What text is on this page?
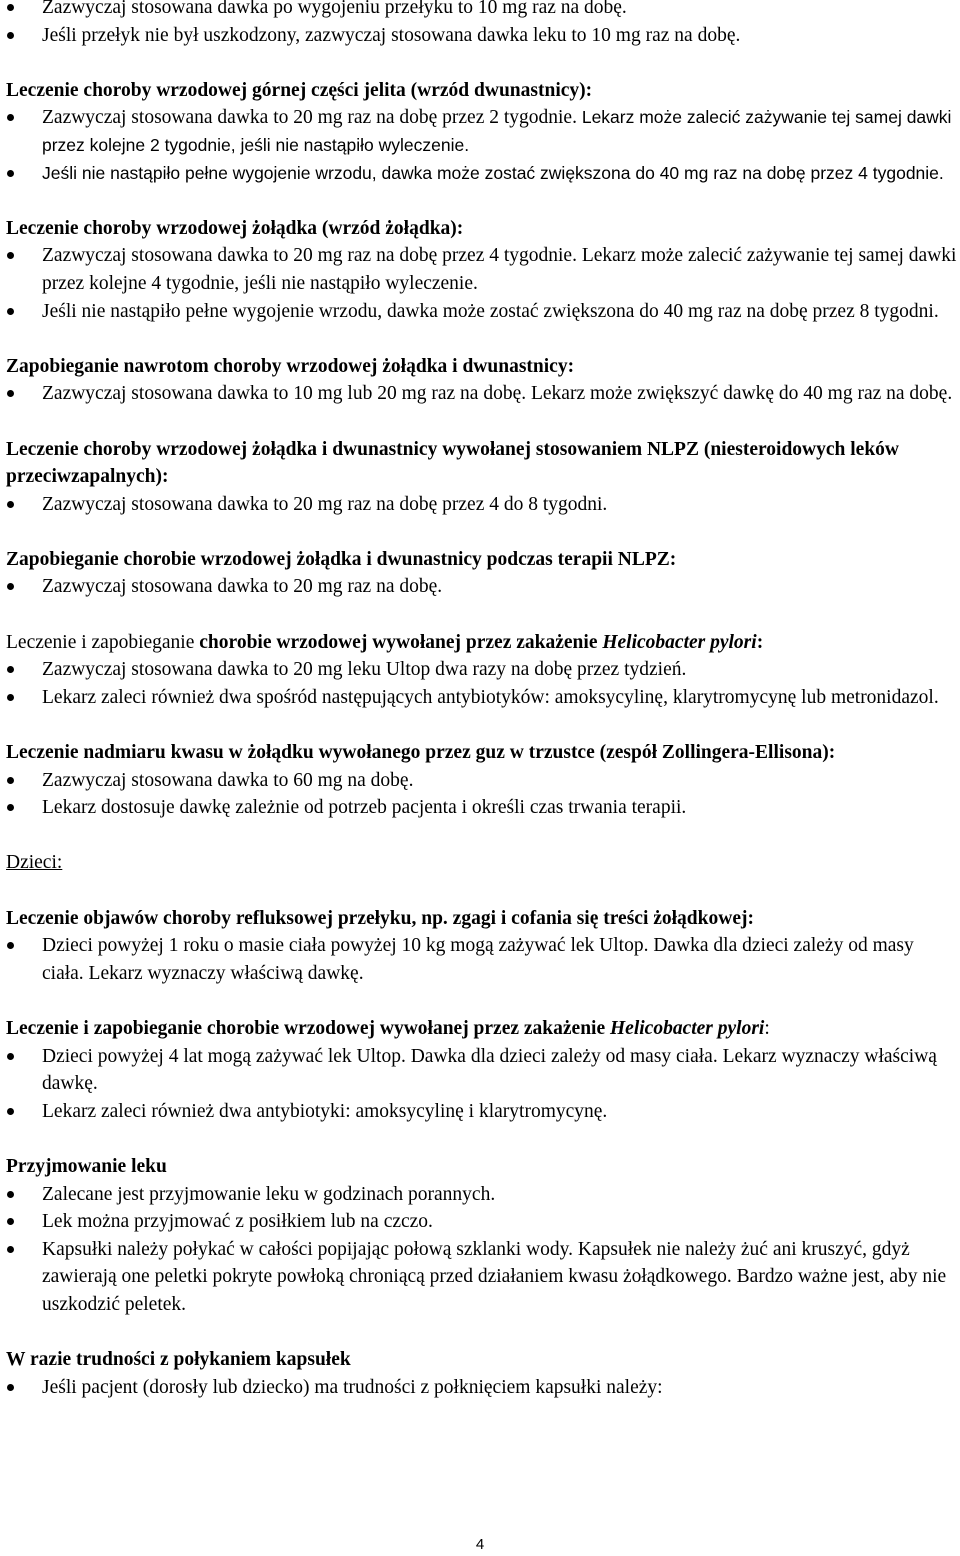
Zazwyczaj stosowana dawka po wygojeniu przełyku to 10 mg raz na dobę.
Jeśli przełyk nie był uszkodzony, zazwyczaj stosowana dawka leku to 10 mg raz na dobę.
Leczenie choroby wrzodowej górnej części jelita (wrzód dwunastnicy):
Zazwyczaj stosowana dawka to 20 mg raz na dobę przez 2 tygodnie. Lekarz może zalecić zażywanie tej samej dawki przez kolejne 2 tygodnie, jeśli nie nastąpiło wyleczenie.
Jeśli nie nastąpiło pełne wygojenie wrzodu, dawka może zostać zwiększona do 40 mg raz na dobę przez 4 tygodnie.
Leczenie choroby wrzodowej żołądka (wrzód żołądka):
Zazwyczaj stosowana dawka to 20 mg raz na dobę przez 4 tygodnie. Lekarz może zalecić zażywanie tej samej dawki przez kolejne 4 tygodnie, jeśli nie nastąpiło wyleczenie.
Jeśli nie nastąpiło pełne wygojenie wrzodu, dawka może zostać zwiększona do 40 mg raz na dobę przez 8 tygodni.
Zapobieganie nawrotom choroby wrzodowej żołądka i dwunastnicy:
Zazwyczaj stosowana dawka to 10 mg lub 20 mg raz na dobę. Lekarz może zwiększyć dawkę do 40 mg raz na dobę.
Leczenie choroby wrzodowej żołądka i dwunastnicy wywołanej stosowaniem NLPZ (niesteroidowych leków przeciwzapalnych):
Zazwyczaj stosowana dawka to 20 mg raz na dobę przez 4 do 8 tygodni.
Zapobieganie chorobie wrzodowej żołądka i dwunastnicy podczas terapii NLPZ:
Zazwyczaj stosowana dawka to 20 mg raz na dobę.
Leczenie i zapobieganie chorobie wrzodowej wywołanej przez zakażenie Helicobacter pylori:
Zazwyczaj stosowana dawka to 20 mg leku Ultop dwa razy na dobę przez tydzień.
Lekarz zaleci również dwa spośród następujących antybiotyków: amoksycylinę, klarytromycynę lub metronidazol.
Leczenie nadmiaru kwasu w żołądku wywołanego przez guz w trzustce (zespół Zollingera-Ellisona):
Zazwyczaj stosowana dawka to 60 mg na dobę.
Lekarz dostosuje dawkę zależnie od potrzeb pacjenta i określi czas trwania terapii.
Dzieci:
Leczenie objawów choroby refluksowej przełyku, np. zgagi i cofania się treści żołądkowej:
Dzieci powyżej 1 roku o masie ciała powyżej 10 kg mogą zażywać lek Ultop. Dawka dla dzieci zależy od masy ciała. Lekarz wyznaczy właściwą dawkę.
Leczenie i zapobieganie chorobie wrzodowej wywołanej przez zakażenie Helicobacter pylori:
Dzieci powyżej 4 lat mogą zażywać lek Ultop. Dawka dla dzieci zależy od masy ciała. Lekarz wyznaczy właściwą dawkę.
Lekarz zaleci również dwa antybiotyki: amoksycylinę i klarytromycynę.
Przyjmowanie leku
Zalecane jest przyjmowanie leku w godzinach porannych.
Lek można przyjmować z posiłkiem lub na czczo.
Kapsułki należy połykać w całości popijając połową szklanki wody. Kapsułek nie należy żuć ani kruszyć, gdyż zawierają one peletki pokryte powłoką chroniącą przed działaniem kwasu żołądkowego. Bardzo ważne jest, aby nie uszkodzić peletek.
W razie trudności z połykaniem kapsułek
Jeśli pacjent (dorosły lub dziecko) ma trudności z połknięciem kapsułki należy:
4
